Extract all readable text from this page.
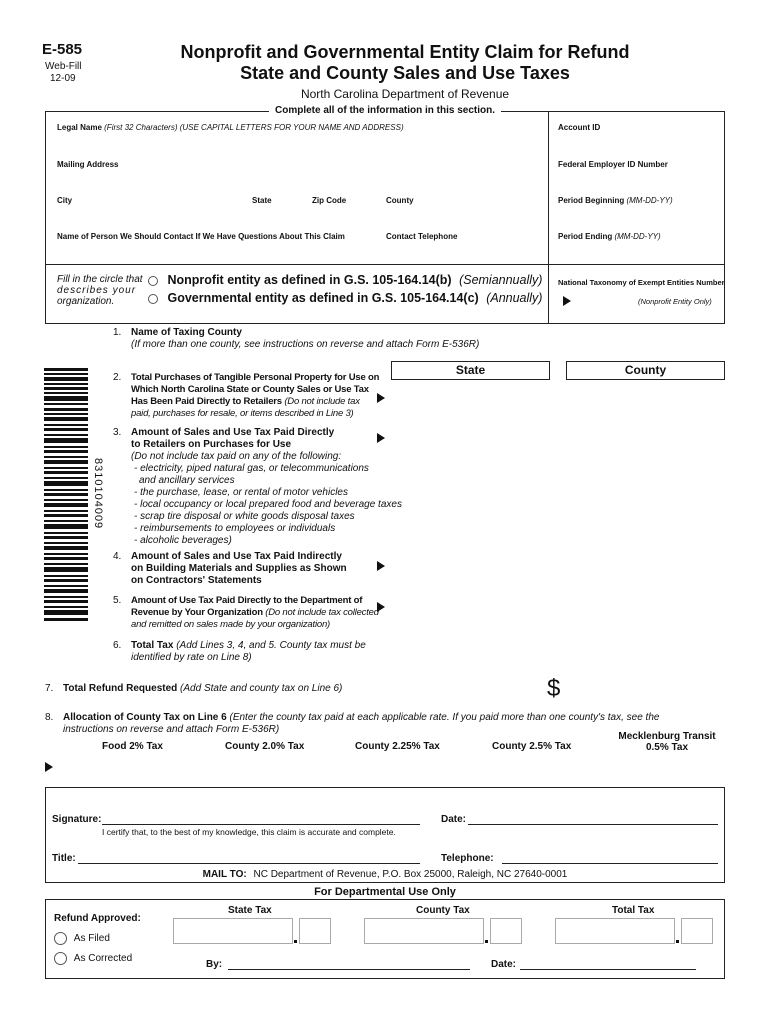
E-585
Web-Fill
12-09
Nonprofit and Governmental Entity Claim for Refund
State and County Sales and Use Taxes
North Carolina Department of Revenue
Complete all of the information in this section.
Legal Name (First 32 Characters) (USE CAPITAL LETTERS FOR YOUR NAME AND ADDRESS)	Account ID
Mailing Address	Federal Employer ID Number
City	State	Zip Code	County	Period Beginning (MM-DD-YY)
Name of Person We Should Contact If We Have Questions About This Claim	Contact Telephone	Period Ending (MM-DD-YY)
Fill in the circle that
describes your
organization.
Nonprofit entity as defined in G.S. 105-164.14(b) (Semiannually)
Governmental entity as defined in G.S. 105-164.14(c) (Annually)
National Taxonomy of Exempt Entities Number
(Nonprofit Entity Only)
8310104009
1. Name of Taxing County
(If more than one county, see instructions on reverse and attach Form E-536R)
State	County
2. Total Purchases of Tangible Personal Property for Use on
Which North Carolina State or County Sales or Use Tax
Has Been Paid Directly to Retailers (Do not include tax
paid, purchases for resale, or items described in Line 3)
3. Amount of Sales and Use Tax Paid Directly
to Retailers on Purchases for Use
(Do not include tax paid on any of the following:
- electricity, piped natural gas, or telecommunications
and ancillary services
- the purchase, lease, or rental of motor vehicles
- local occupancy or local prepared food and beverage taxes
- scrap tire disposal or white goods disposal taxes
- reimbursements to employees or individuals
- alcoholic beverages)
4. Amount of Sales and Use Tax Paid Indirectly
on Building Materials and Supplies as Shown
on Contractors' Statements
5. Amount of Use Tax Paid Directly to the Department of
Revenue by Your Organization (Do not include tax collected
and remitted on sales made by your organization)
6. Total Tax (Add Lines 3, 4, and 5. County tax must be
identified by rate on Line 8)
7. Total Refund Requested (Add State and county tax on Line 6)	$
8. Allocation of County Tax on Line 6 (Enter the county tax paid at each applicable rate. If you paid more than one county's tax, see the
instructions on reverse and attach Form E-536R)
Food 2% Tax	County 2.0% Tax	County 2.25% Tax	County 2.5% Tax
Mecklenburg Transit
0.5% Tax
Signature:	Date:
I certify that, to the best of my knowledge, this claim is accurate and complete.
Title:	Telephone:
MAIL TO: NC Department of Revenue, P.O. Box 25000, Raleigh, NC 27640-0001
For Departmental Use Only
Refund Approved:
As Filed
As Corrected
State Tax	County Tax	Total Tax
By:	Date:
